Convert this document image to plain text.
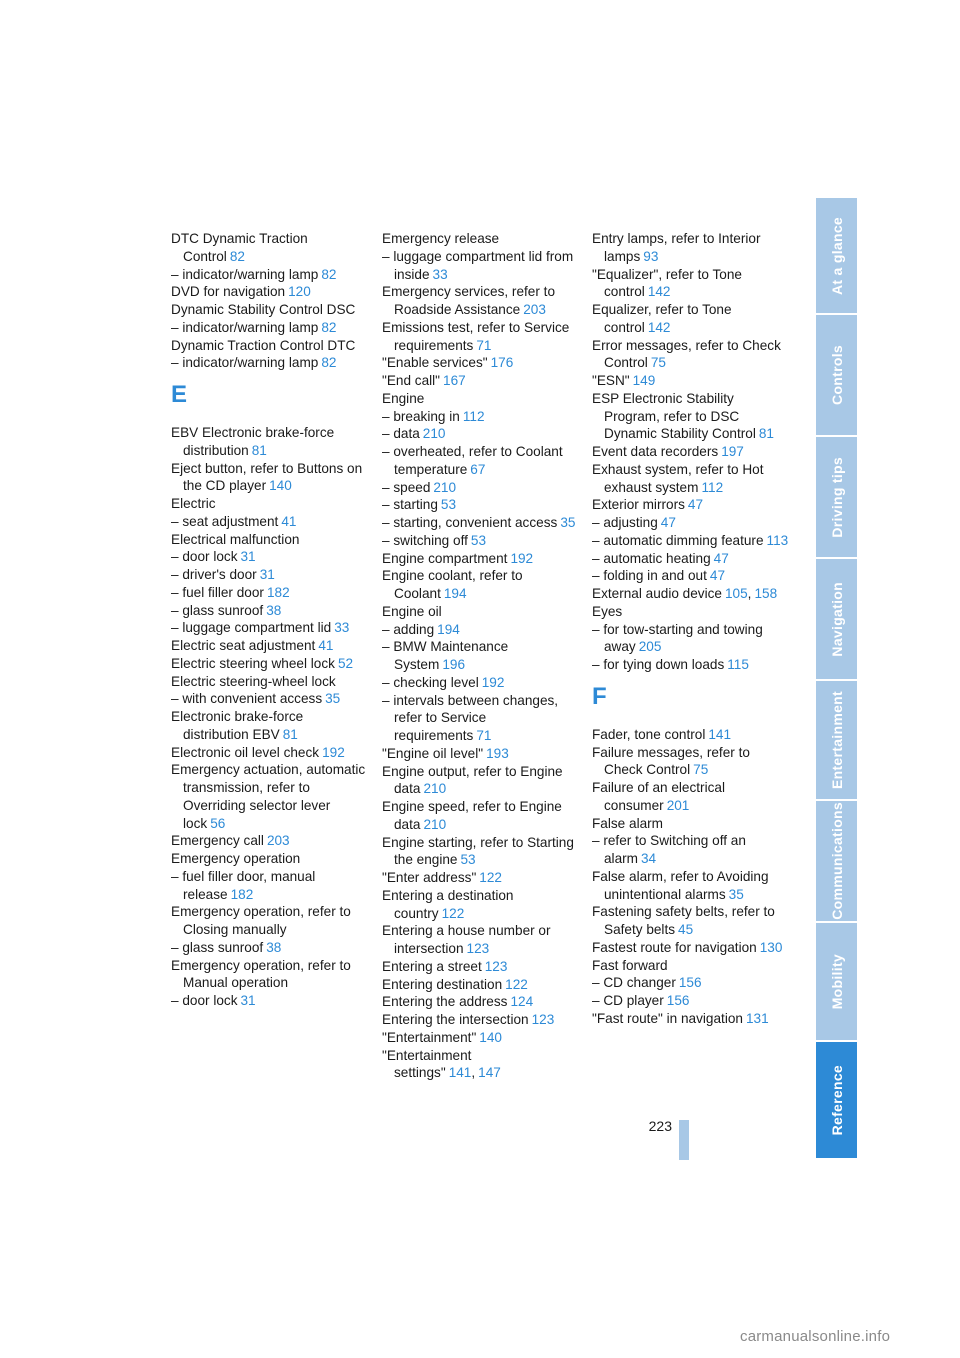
DTC Dynamic Traction Control 82
– indicator/warning lamp 82
DVD for navigation 120
Dynamic Stability Control DSC
– indicator/warning lamp 82
Dynamic Traction Control DTC
– indicator/warning lamp 82
E
EBV Electronic brake-force distribution 81
Eject button, refer to Buttons on the CD player 140
Electric
– seat adjustment 41
Electrical malfunction
– door lock 31
– driver's door 31
– fuel filler door 182
– glass sunroof 38
– luggage compartment lid 33
Electric seat adjustment 41
Electric steering wheel lock 52
Electric steering-wheel lock
– with convenient access 35
Electronic brake-force distribution EBV 81
Electronic oil level check 192
Emergency actuation, automatic transmission, refer to Overriding selector lever lock 56
Emergency call 203
Emergency operation
– fuel filler door, manual release 182
Emergency operation, refer to Closing manually
– glass sunroof 38
Emergency operation, refer to Manual operation
– door lock 31
Emergency release
– luggage compartment lid from inside 33
Emergency services, refer to Roadside Assistance 203
Emissions test, refer to Service requirements 71
"Enable services" 176
"End call" 167
Engine
– breaking in 112
– data 210
– overheated, refer to Coolant temperature 67
– speed 210
– starting 53
– starting, convenient access 35
– switching off 53
Engine compartment 192
Engine coolant, refer to Coolant 194
Engine oil
– adding 194
– BMW Maintenance System 196
– checking level 192
– intervals between changes, refer to Service requirements 71
"Engine oil level" 193
Engine output, refer to Engine data 210
Engine speed, refer to Engine data 210
Engine starting, refer to Starting the engine 53
"Enter address" 122
Entering a destination country 122
Entering a house number or intersection 123
Entering a street 123
Entering destination 122
Entering the address 124
Entering the intersection 123
"Entertainment" 140
"Entertainment settings" 141, 147
Entry lamps, refer to Interior lamps 93
"Equalizer", refer to Tone control 142
Equalizer, refer to Tone control 142
Error messages, refer to Check Control 75
"ESN" 149
ESP Electronic Stability Program, refer to DSC Dynamic Stability Control 81
Event data recorders 197
Exhaust system, refer to Hot exhaust system 112
Exterior mirrors 47
– adjusting 47
– automatic dimming feature 113
– automatic heating 47
– folding in and out 47
External audio device 105, 158
Eyes
– for tow-starting and towing away 205
– for tying down loads 115
F
Fader, tone control 141
Failure messages, refer to Check Control 75
Failure of an electrical consumer 201
False alarm
– refer to Switching off an alarm 34
False alarm, refer to Avoiding unintentional alarms 35
Fastening safety belts, refer to Safety belts 45
Fastest route for navigation 130
Fast forward
– CD changer 156
– CD player 156
"Fast route" in navigation 131
At a glance
Controls
Driving tips
Navigation
Entertainment
Communications
Mobility
Reference
223
carmanualsonline.info
